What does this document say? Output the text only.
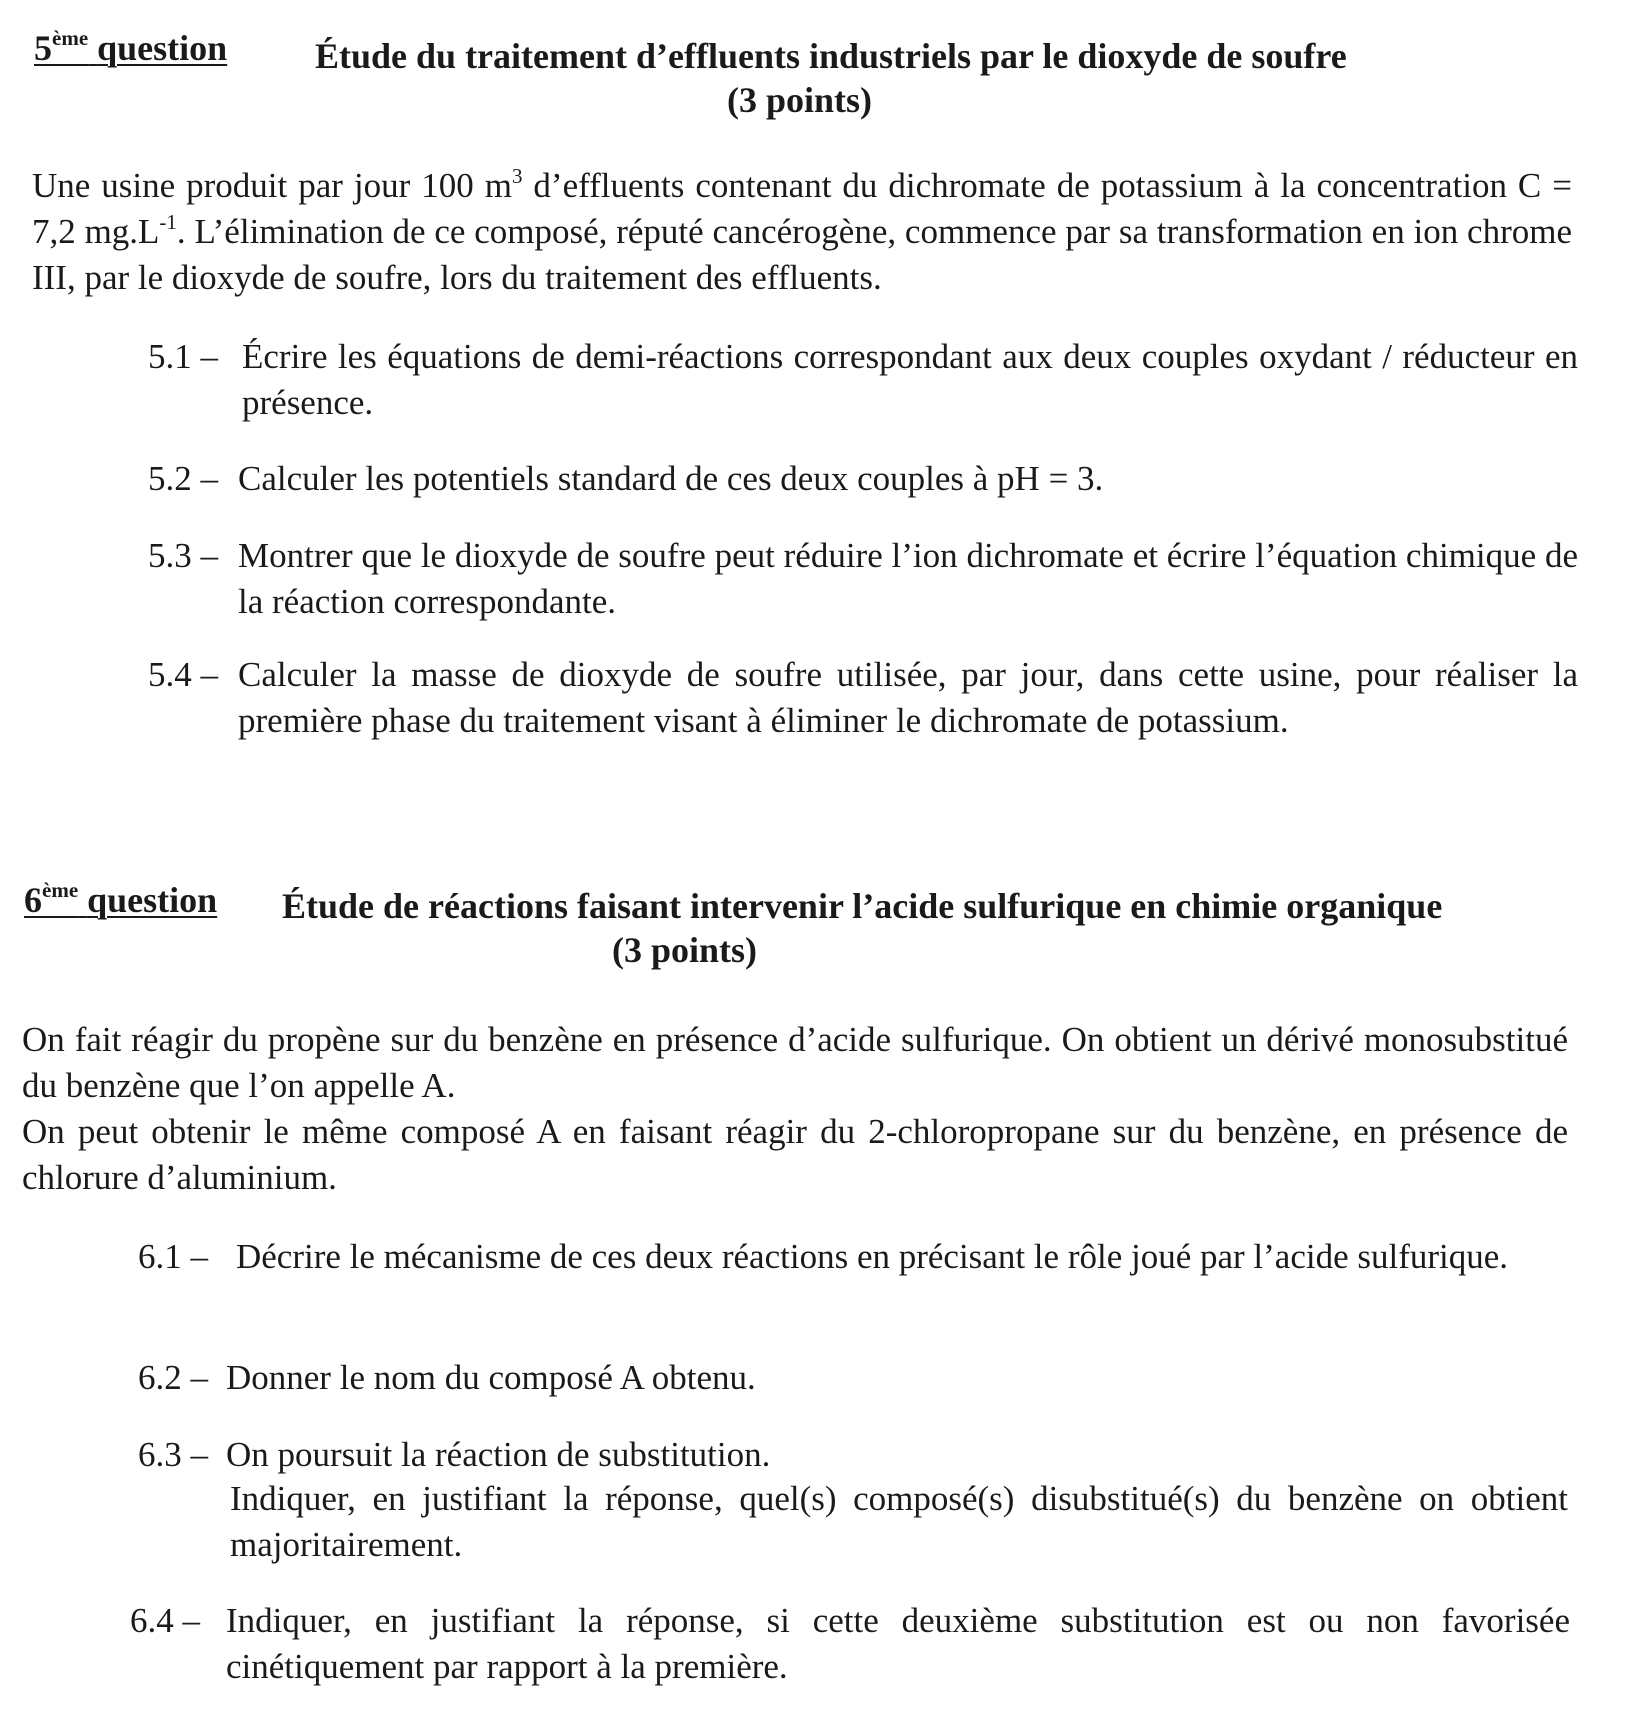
5ème question Étude du traitement d’effluents industriels par le dioxyde de soufre
(3 points)
Une usine produit par jour 100 $m^3$ d’effluents contenant du dichromate de potassium à la concentration C = 7,2 $mg.L^{-1}$. L’élimination de ce composé, réputé cancérogène, commence par sa transformation en ion chrome III, par le dioxyde de soufre, lors du traitement des effluents.
5.1 – Écrire les équations de demi-réactions correspondant aux deux couples oxydant / réducteur en présence.
5.2 – Calculer les potentiels standard de ces deux couples à pH = 3.
5.3 – Montrer que le dioxyde de soufre peut réduire l’ion dichromate et écrire l’équation chimique de la réaction correspondante.
5.4 – Calculer la masse de dioxyde de soufre utilisée, par jour, dans cette usine, pour réaliser la première phase du traitement visant à éliminer le dichromate de potassium.
6ème question Étude de réactions faisant intervenir l’acide sulfurique en chimie organique
(3 points)
On fait réagir du propène sur du benzène en présence d’acide sulfurique. On obtient un dérivé monosubstitué du benzène que l’on appelle A.
On peut obtenir le même composé A en faisant réagir du 2-chloropropane sur du benzène, en présence de chlorure d’aluminium.
6.1 – Décrire le mécanisme de ces deux réactions en précisant le rôle joué par l’acide sulfurique.
6.2 – Donner le nom du composé A obtenu.
6.3 – On poursuit la réaction de substitution.
Indiquer, en justifiant la réponse, quel(s) composé(s) disubstitué(s) du benzène on obtient majoritairement.
6.4 – Indiquer, en justifiant la réponse, si cette deuxième substitution est ou non favorisée cinétiquement par rapport à la première.
